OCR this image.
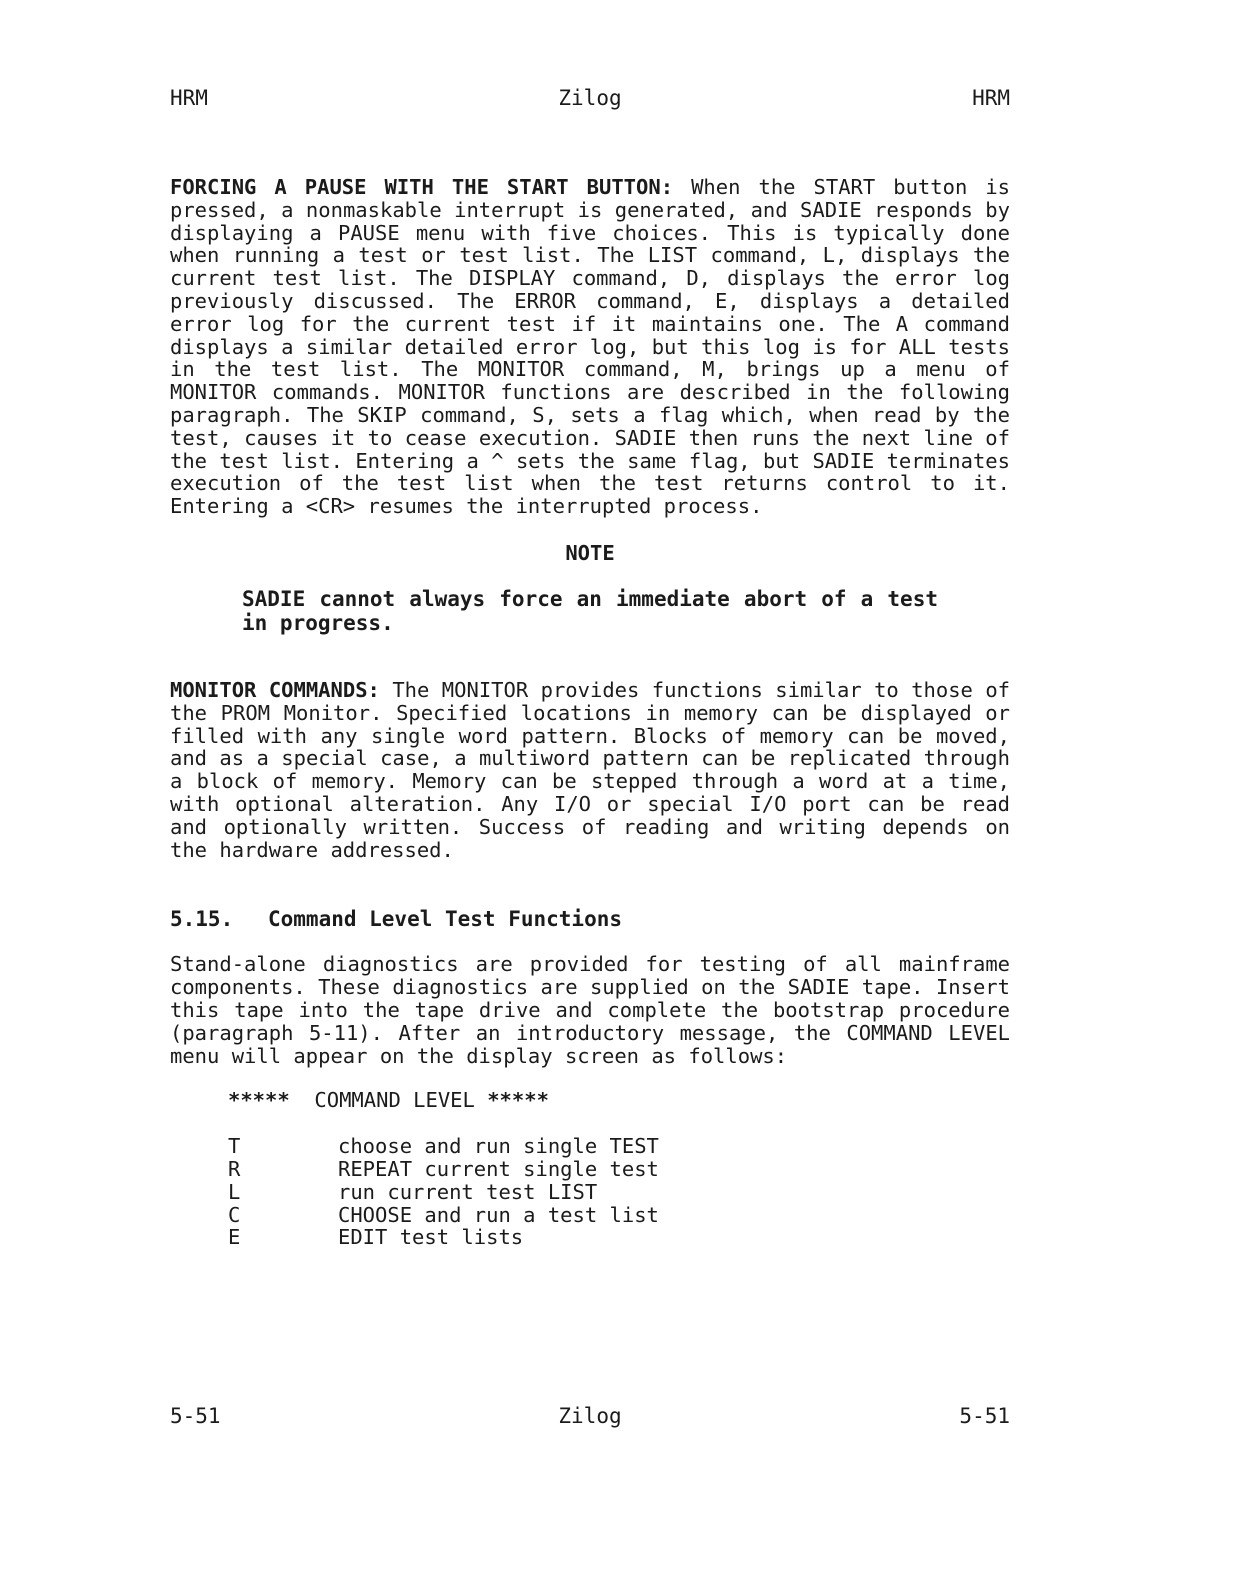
HRM	Zilog	HRM

FORCING A PAUSE WITH THE START BUTTON: When the START button is pressed, a nonmaskable interrupt is generated, and SADIE responds by displaying a PAUSE menu with five choices. This is typically done when running a test or test list. The LIST command, L, displays the current test list. The DISPLAY command, D, displays the error log previously discussed. The ERROR command, E, displays a detailed error log for the current test if it maintains one. The A command displays a similar detailed error log, but this log is for ALL tests in the test list. The MONITOR command, M, brings up a menu of MONITOR commands. MONITOR functions are described in the following paragraph. The SKIP command, S, sets a flag which, when read by the test, causes it to cease execution. SADIE then runs the next line of the test list. Entering a ^ sets the same flag, but SADIE terminates execution of the test list when the test returns control to it. Entering a <CR> resumes the interrupted process.

NOTE

SADIE cannot always force an immediate abort of a test in progress.

MONITOR COMMANDS: The MONITOR provides functions similar to those of the PROM Monitor. Specified locations in memory can be displayed or filled with any single word pattern. Blocks of memory can be moved, and as a special case, a multiword pattern can be replicated through a block of memory. Memory can be stepped through a word at a time, with optional alteration. Any I/O or special I/O port can be read and optionally written. Success of reading and writing depends on the hardware addressed.

5.15. Command Level Test Functions

Stand-alone diagnostics are provided for testing of all mainframe components. These diagnostics are supplied on the SADIE tape. Insert this tape into the tape drive and complete the bootstrap procedure (paragraph 5-11). After an introductory message, the COMMAND LEVEL menu will appear on the display screen as follows:

***** COMMAND LEVEL *****
T	choose and run single TEST
R	REPEAT current single test
L	run current test LIST
C	CHOOSE and run a test list
E	EDIT test lists
5-51	Zilog	5-51
